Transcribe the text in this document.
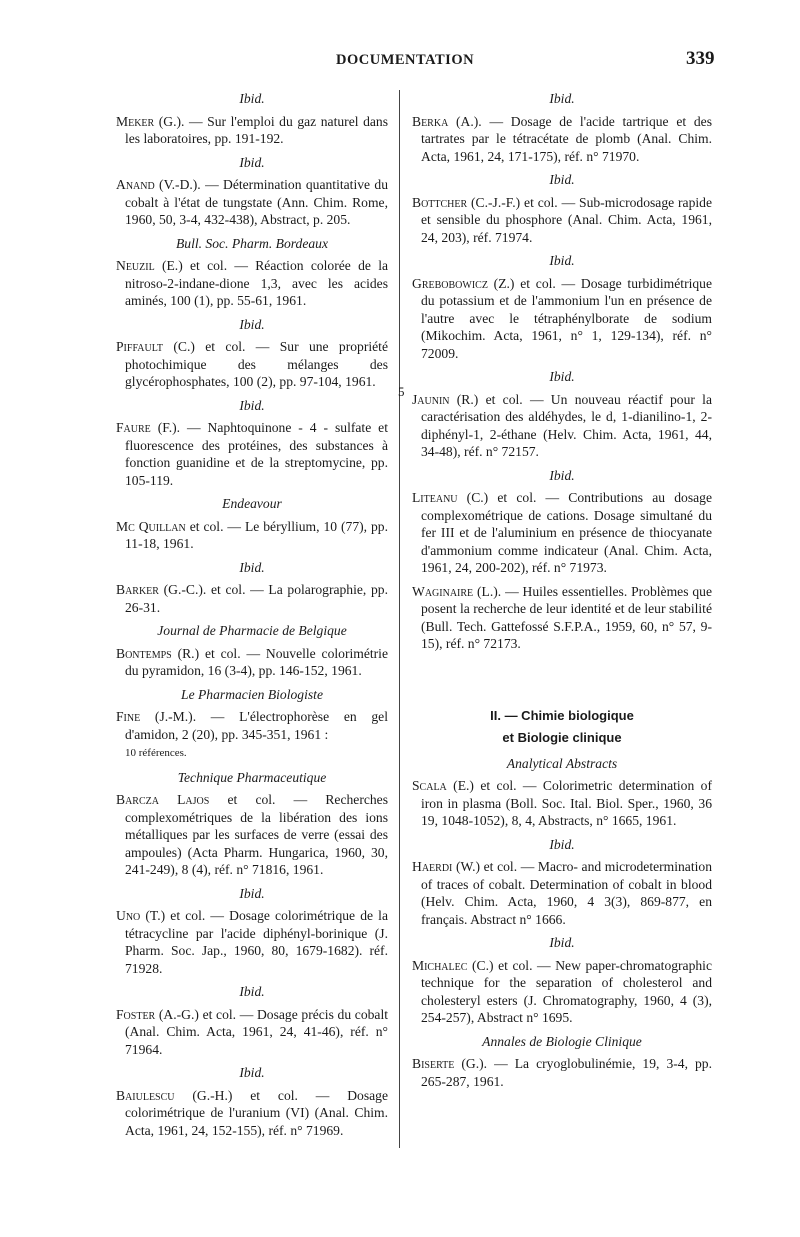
DOCUMENTATION	339
5
Ibid.
Meker (G.). — Sur l'emploi du gaz naturel dans les laboratoires, pp. 191-192.
Ibid.
Anand (V.-D.). — Détermination quantitative du cobalt à l'état de tungstate (Ann. Chim. Rome, 1960, 50, 3-4, 432-438), Abstract, p. 205.
Bull. Soc. Pharm. Bordeaux
Neuzil (E.) et col. — Réaction colorée de la nitroso-2-indane-dione 1,3, avec les acides aminés, 100 (1), pp. 55-61, 1961.
Ibid.
Piffault (C.) et col. — Sur une propriété photochimique des mélanges des glycérophosphates, 100 (2), pp. 97-104, 1961.
Ibid.
Faure (F.). — Naphtoquinone - 4 - sulfate et fluorescence des protéines, des substances à fonction guanidine et de la streptomycine, pp. 105-119.
Endeavour
Mc Quillan et col. — Le béryllium, 10 (77), pp. 11-18, 1961.
Ibid.
Barker (G.-C.). et col. — La polarographie, pp. 26-31.
Journal de Pharmacie de Belgique
Bontemps (R.) et col. — Nouvelle colorimétrie du pyramidon, 16 (3-4), pp. 146-152, 1961.
Le Pharmacien Biologiste
Fine (J.-M.). — L'électrophorèse en gel d'amidon, 2 (20), pp. 345-351, 1961 :
10 références.
Technique Pharmaceutique
Barcza Lajos et col. — Recherches complexométriques de la libération des ions métalliques par les surfaces de verre (essai des ampoules) (Acta Pharm. Hungarica, 1960, 30, 241-249), 8 (4), réf. n° 71816, 1961.
Ibid.
Uno (T.) et col. — Dosage colorimétrique de la tétracycline par l'acide diphényl-borinique (J. Pharm. Soc. Jap., 1960, 80, 1679-1682). réf. 71928.
Ibid.
Foster (A.-G.) et col. — Dosage précis du cobalt (Anal. Chim. Acta, 1961, 24, 41-46), réf. n° 71964.
Ibid.
Baiulescu (G.-H.) et col. — Dosage colorimétrique de l'uranium (VI) (Anal. Chim. Acta, 1961, 24, 152-155), réf. n° 71969.
Ibid.
Berka (A.). — Dosage de l'acide tartrique et des tartrates par le tétracétate de plomb (Anal. Chim. Acta, 1961, 24, 171-175), réf. n° 71970.
Ibid.
Bottcher (C.-J.-F.) et col. — Sub-microdosage rapide et sensible du phosphore (Anal. Chim. Acta, 1961, 24, 203), réf. 71974.
Ibid.
Grebobowicz (Z.) et col. — Dosage turbidimétrique du potassium et de l'ammonium l'un en présence de l'autre avec le tétraphénylborate de sodium (Mikochim. Acta, 1961, n° 1, 129-134), réf. n° 72009.
Ibid.
Jaunin (R.) et col. — Un nouveau réactif pour la caractérisation des aldéhydes, le d, 1-dianilino-1, 2-diphényl-1, 2-éthane (Helv. Chim. Acta, 1961, 44, 34-48), réf. n° 72157.
Ibid.
Liteanu (C.) et col. — Contributions au dosage complexométrique de cations. Dosage simultané du fer III et de l'aluminium en présence de thiocyanate d'ammonium comme indicateur (Anal. Chim. Acta, 1961, 24, 200-202), réf. n° 71973.
Waginaire (L.). — Huiles essentielles. Problèmes que posent la recherche de leur identité et de leur stabilité (Bull. Tech. Gattefossé S.F.P.A., 1959, 60, n° 57, 9-15), réf. n° 72173.
II. — Chimie biologique
et Biologie clinique
Analytical Abstracts
Scala (E.) et col. — Colorimetric determination of iron in plasma (Boll. Soc. Ital. Biol. Sper., 1960, 36 19, 1048-1052), 8, 4, Abstracts, n° 1665, 1961.
Ibid.
Haerdi (W.) et col. — Macro- and microdetermination of traces of cobalt. Determination of cobalt in blood (Helv. Chim. Acta, 1960, 4 3(3), 869-877, en français. Abstract n° 1666.
Ibid.
Michalec (C.) et col. — New paper-chromatographic technique for the separation of cholesterol and cholesteryl esters (J. Chromatography, 1960, 4 (3), 254-257), Abstract n° 1695.
Annales de Biologie Clinique
Biserte (G.). — La cryoglobulinémie, 19, 3-4, pp. 265-287, 1961.
